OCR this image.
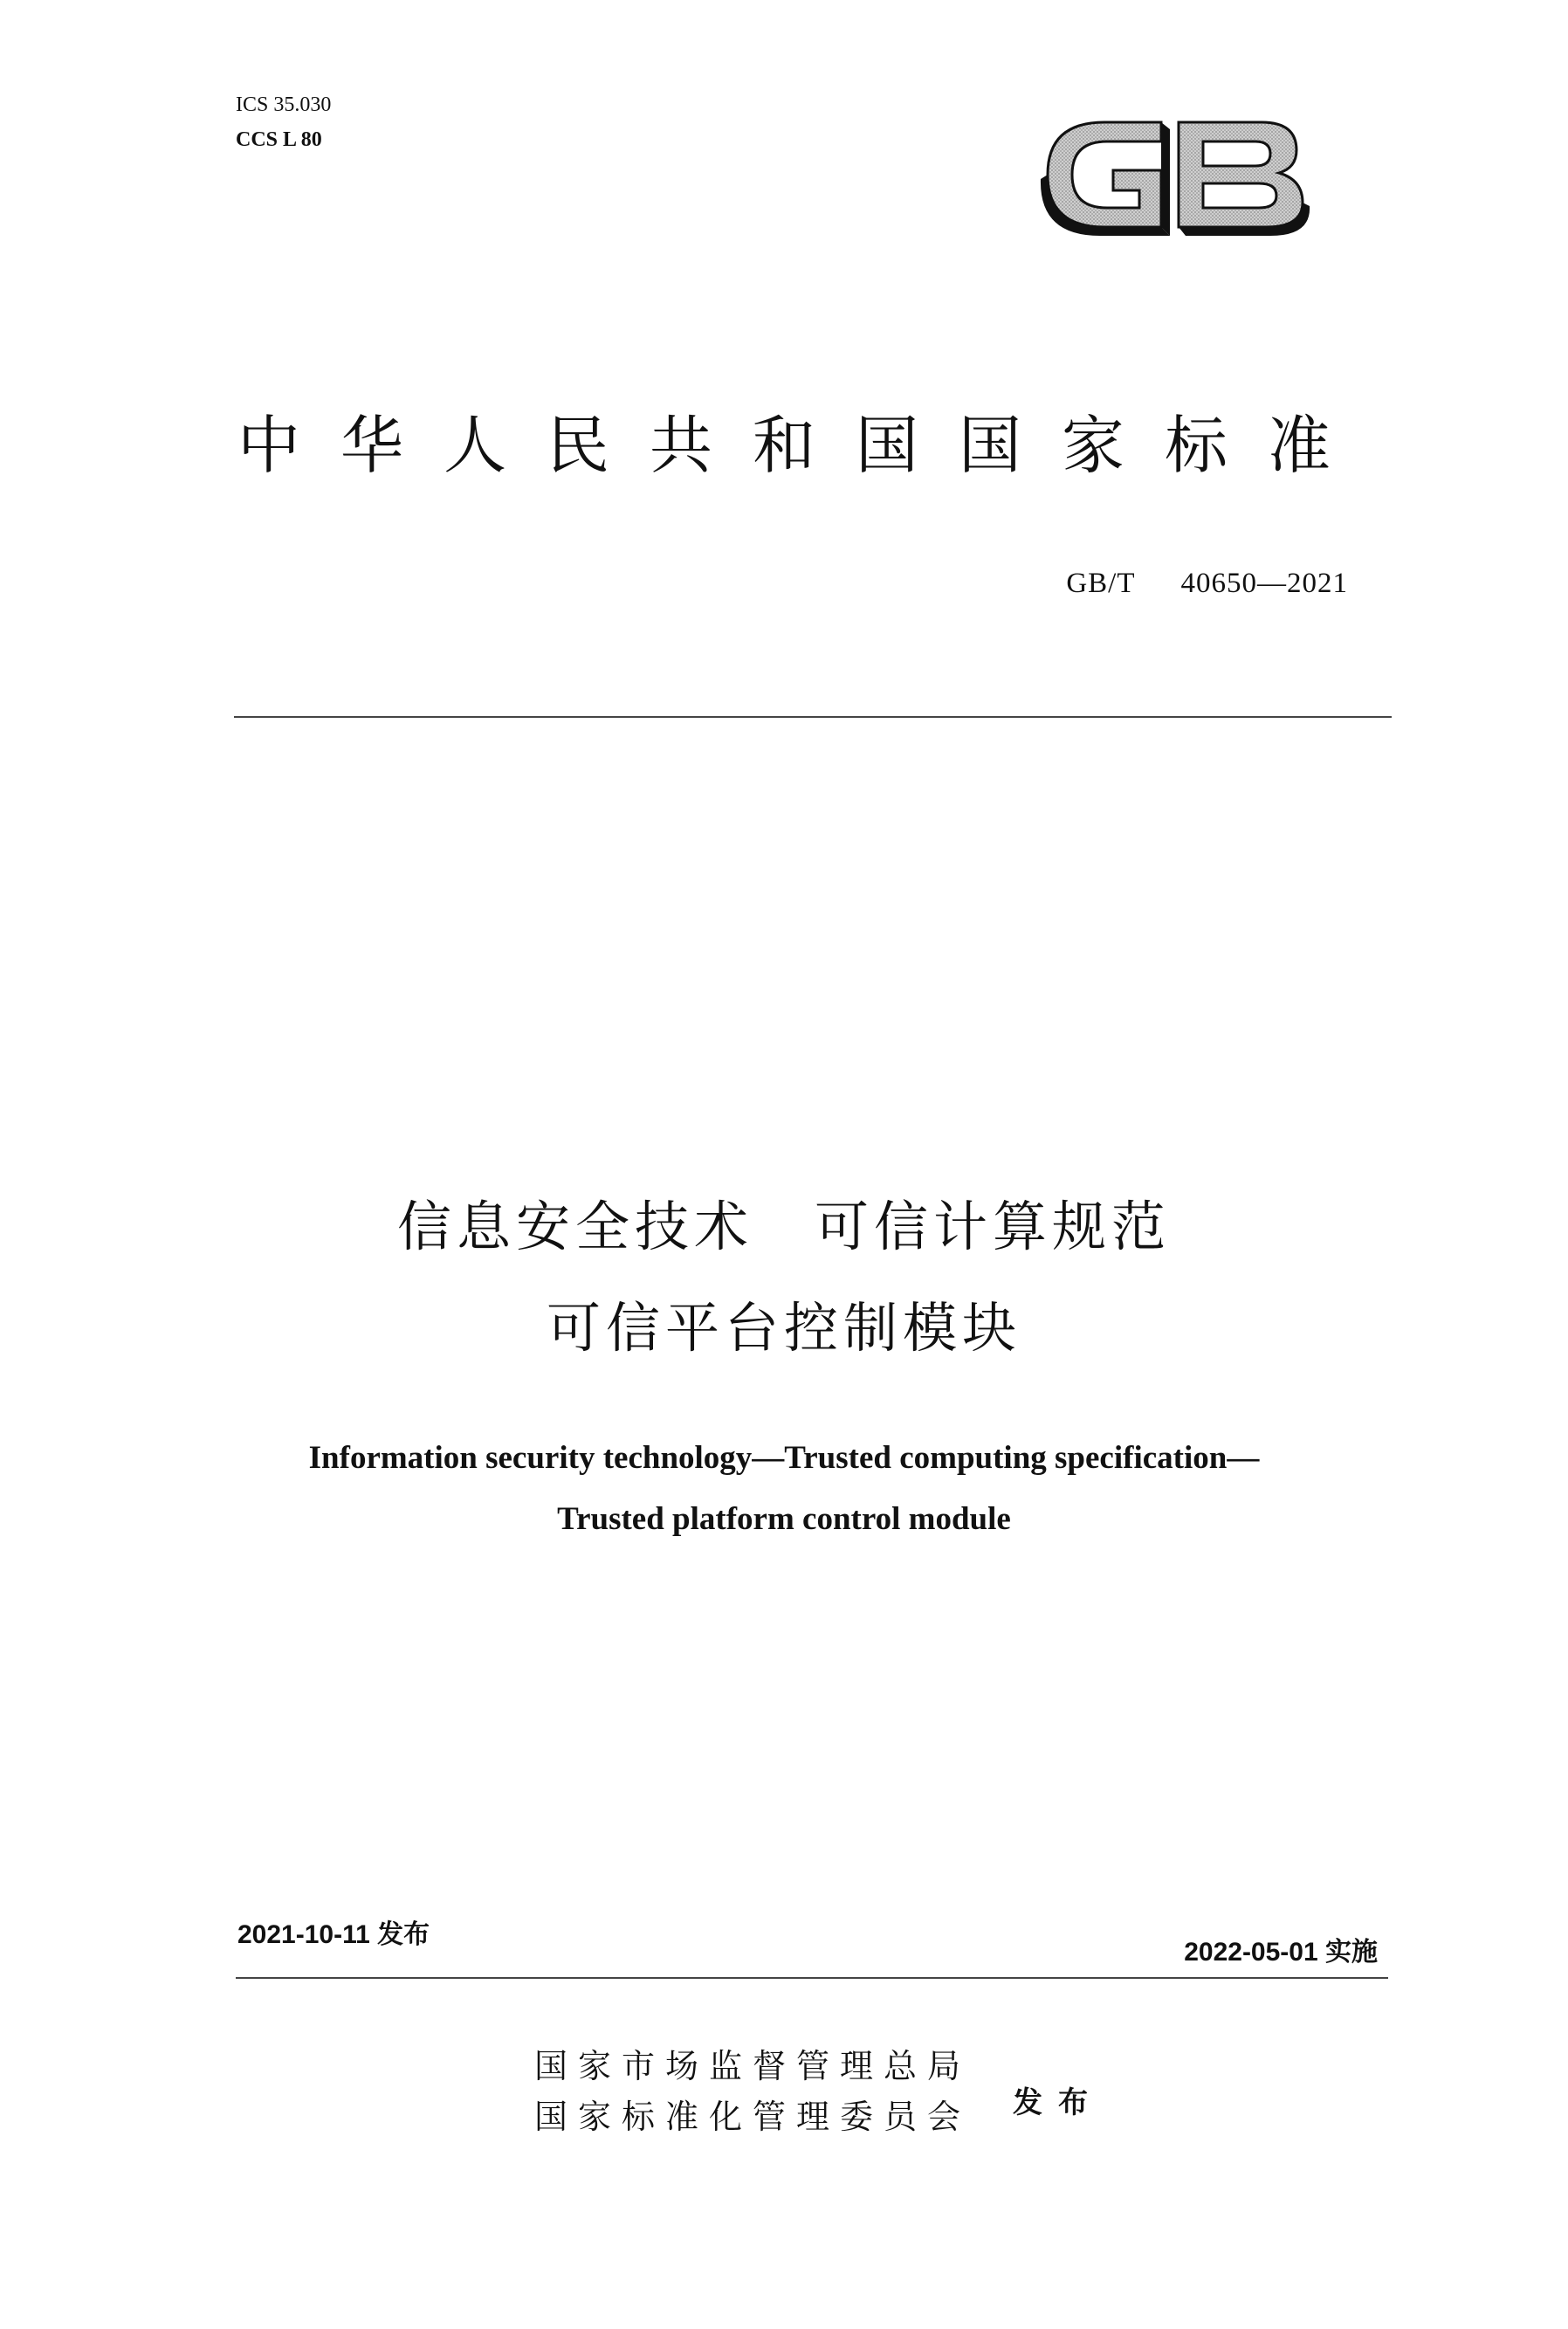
ICS 35.030
CCS L 80
中华人民共和国国家标准
GB/T 40650—2021
信息安全技术 可信计算规范
可信平台控制模块
Information security technology—Trusted computing specification—
Trusted platform control module
2021-10-11 发布
2022-05-01 实施
国家市场监督管理总局
国家标准化管理委员会 发布
